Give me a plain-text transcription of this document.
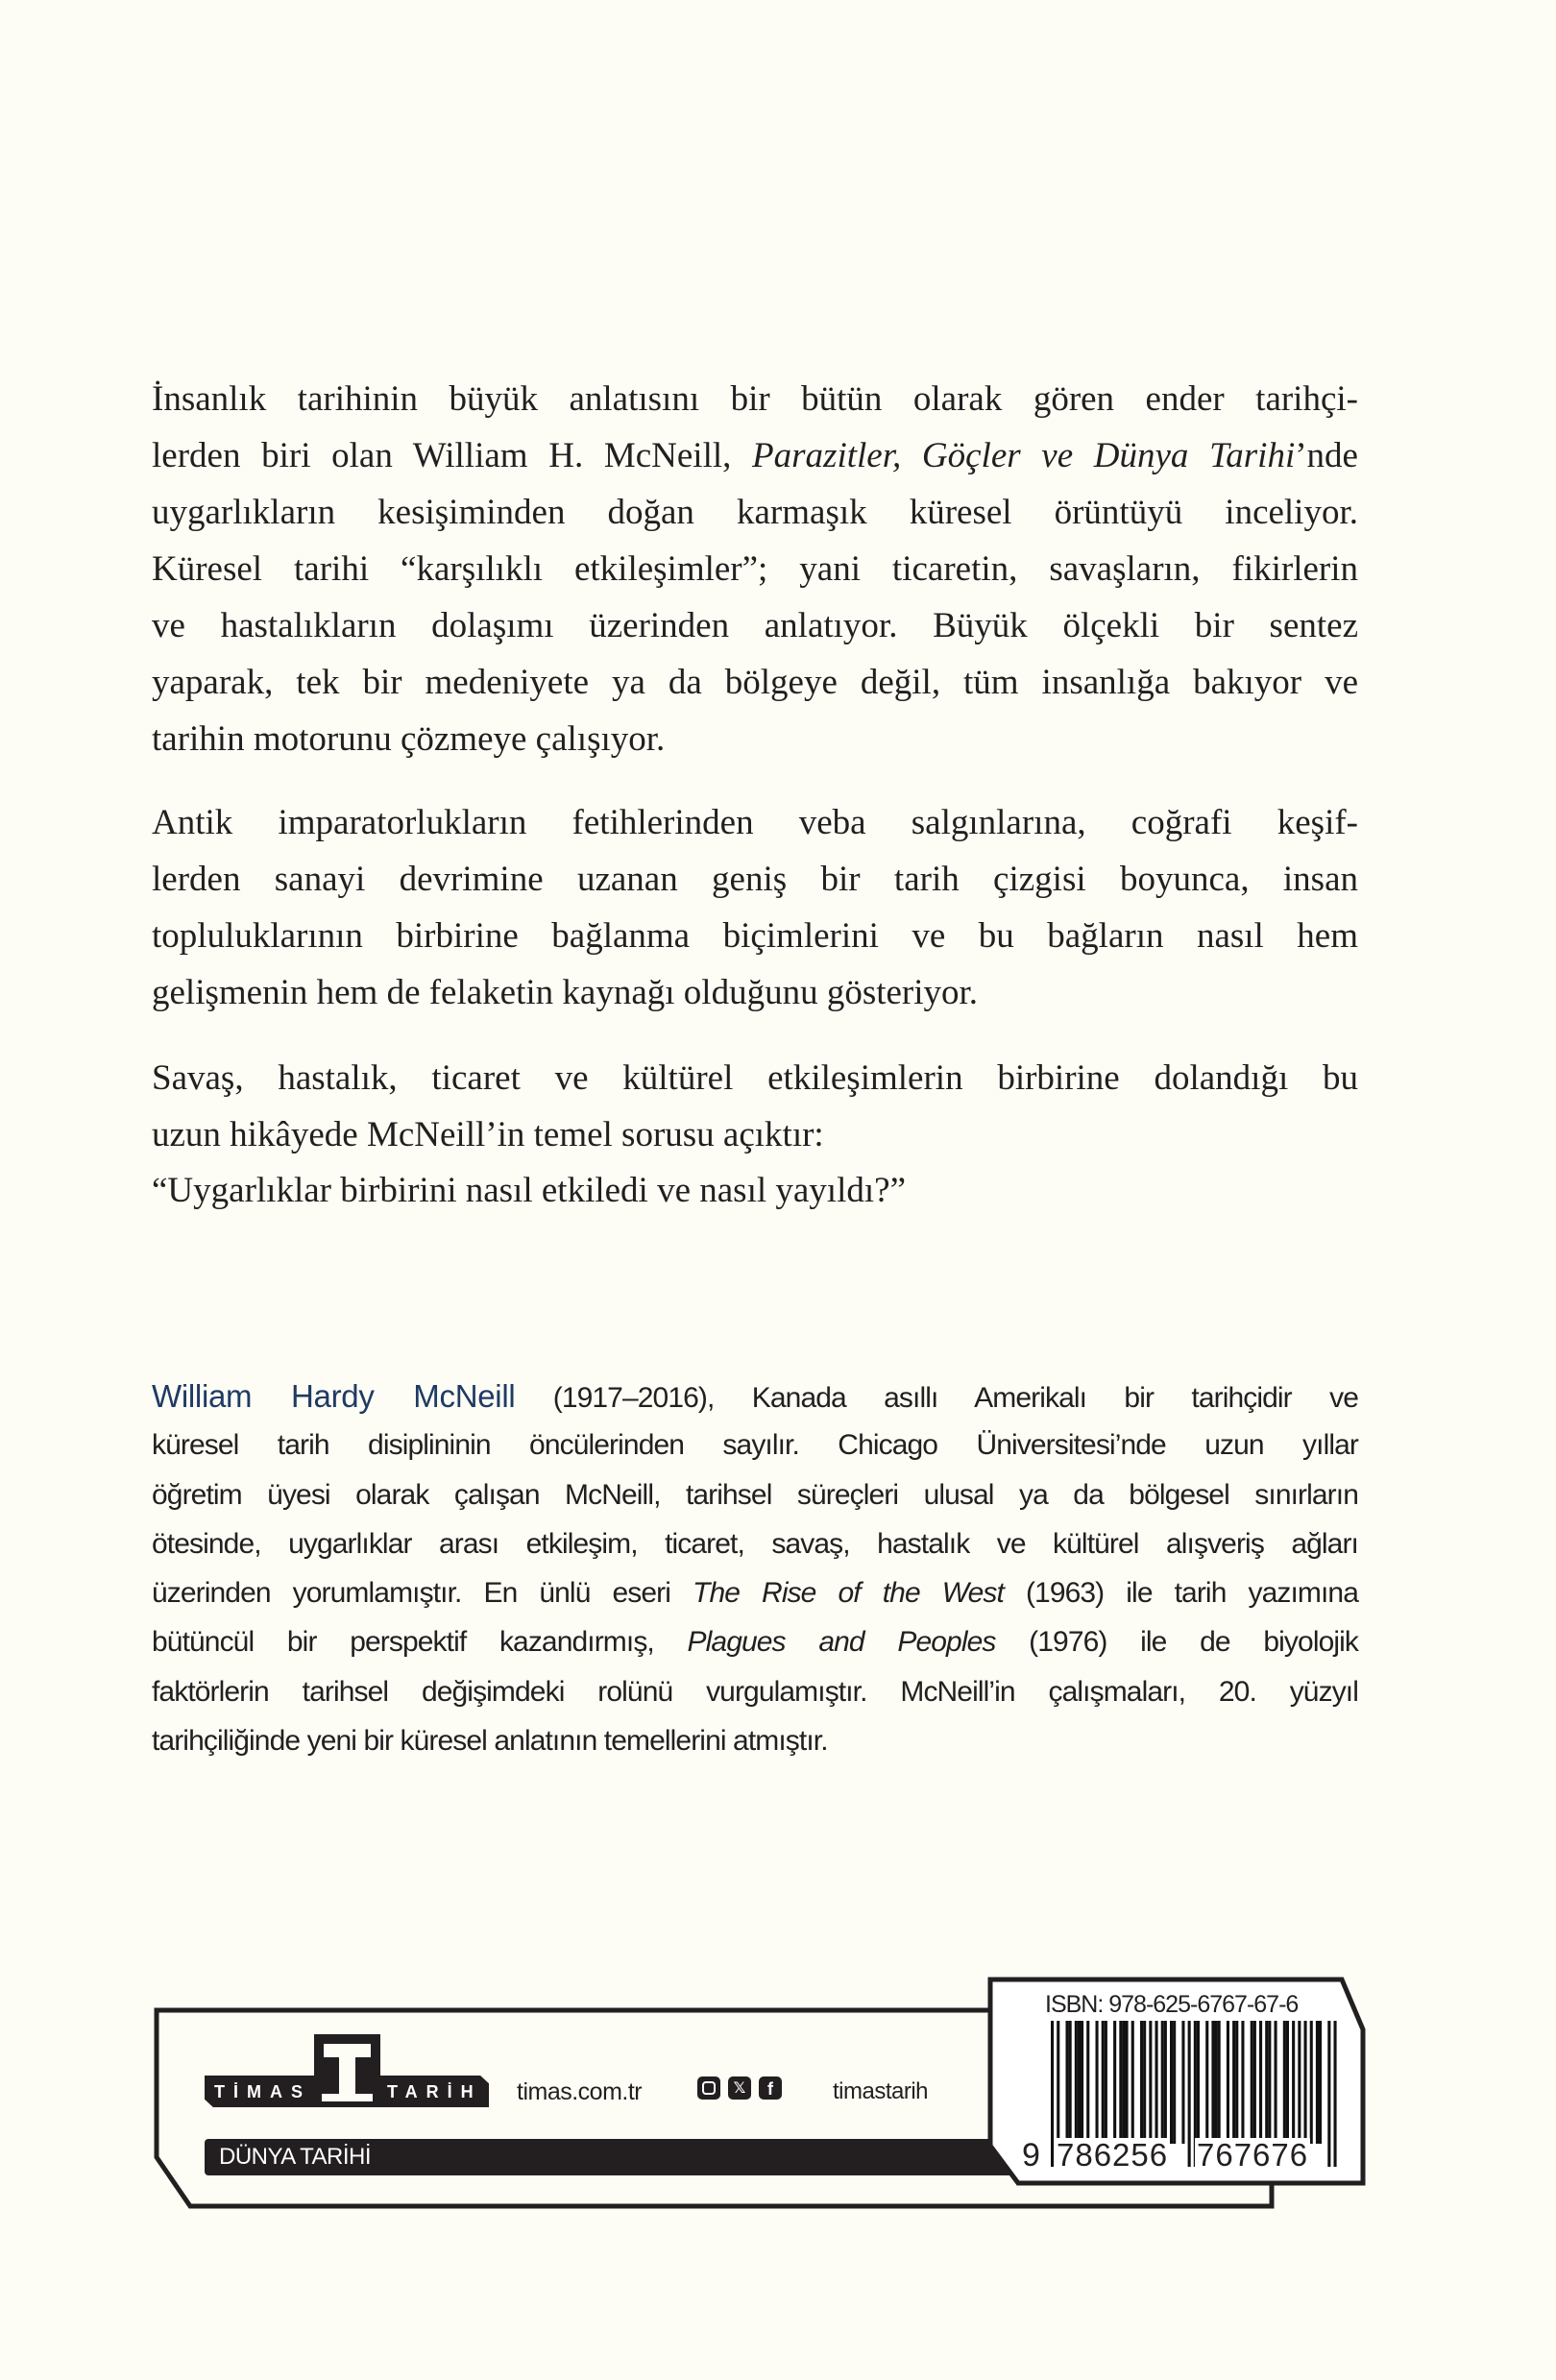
İnsanlık tarihinin büyük anlatısını bir bütün olarak gören ender tarihçi-
lerden biri olan William H. McNeill, Parazitler, Göçler ve Dünya Tarihi’nde
uygarlıkların kesişiminden doğan karmaşık küresel örüntüyü inceliyor.
Küresel tarihi “karşılıklı etkileşimler”; yani ticaretin, savaşların, fikirlerin
ve hastalıkların dolaşımı üzerinden anlatıyor. Büyük ölçekli bir sentez
yaparak, tek bir medeniyete ya da bölgeye değil, tüm insanlığa bakıyor ve
tarihin motorunu çözmeye çalışıyor.
Antik imparatorlukların fetihlerinden veba salgınlarına, coğrafi keşif-
lerden sanayi devrimine uzanan geniş bir tarih çizgisi boyunca, insan
topluluklarının birbirine bağlanma biçimlerini ve bu bağların nasıl hem
gelişmenin hem de felaketin kaynağı olduğunu gösteriyor.
Savaş, hastalık, ticaret ve kültürel etkileşimlerin birbirine dolandığı bu
uzun hikâyede McNeill’in temel sorusu açıktır:
“Uygarlıklar birbirini nasıl etkiledi ve nasıl yayıldı?”
William Hardy McNeill (1917–2016), Kanada asıllı Amerikalı bir tarihçidir ve
küresel tarih disiplininin öncülerinden sayılır. Chicago Üniversitesi’nde uzun yıllar
öğretim üyesi olarak çalışan McNeill, tarihsel süreçleri ulusal ya da bölgesel sınırların
ötesinde, uygarlıklar arası etkileşim, ticaret, savaş, hastalık ve kültürel alışveriş ağları
üzerinden yorumlamıştır. En ünlü eseri The Rise of the West (1963) ile tarih yazımına
bütüncül bir perspektif kazandırmış, Plagues and Peoples (1976) ile de biyolojik
faktörlerin tarihsel değişimdeki rolünü vurgulamıştır. McNeill’in çalışmaları, 20. yüzyıl
tarihçiliğinde yeni bir küresel anlatının temellerini atmıştır.
DÜNYA TARİHİ
TİMAS	TARİH timas.com.tr	𝕏	f	timastarih
ISBN: 978-625-6767-67-6
9 786256 767676
